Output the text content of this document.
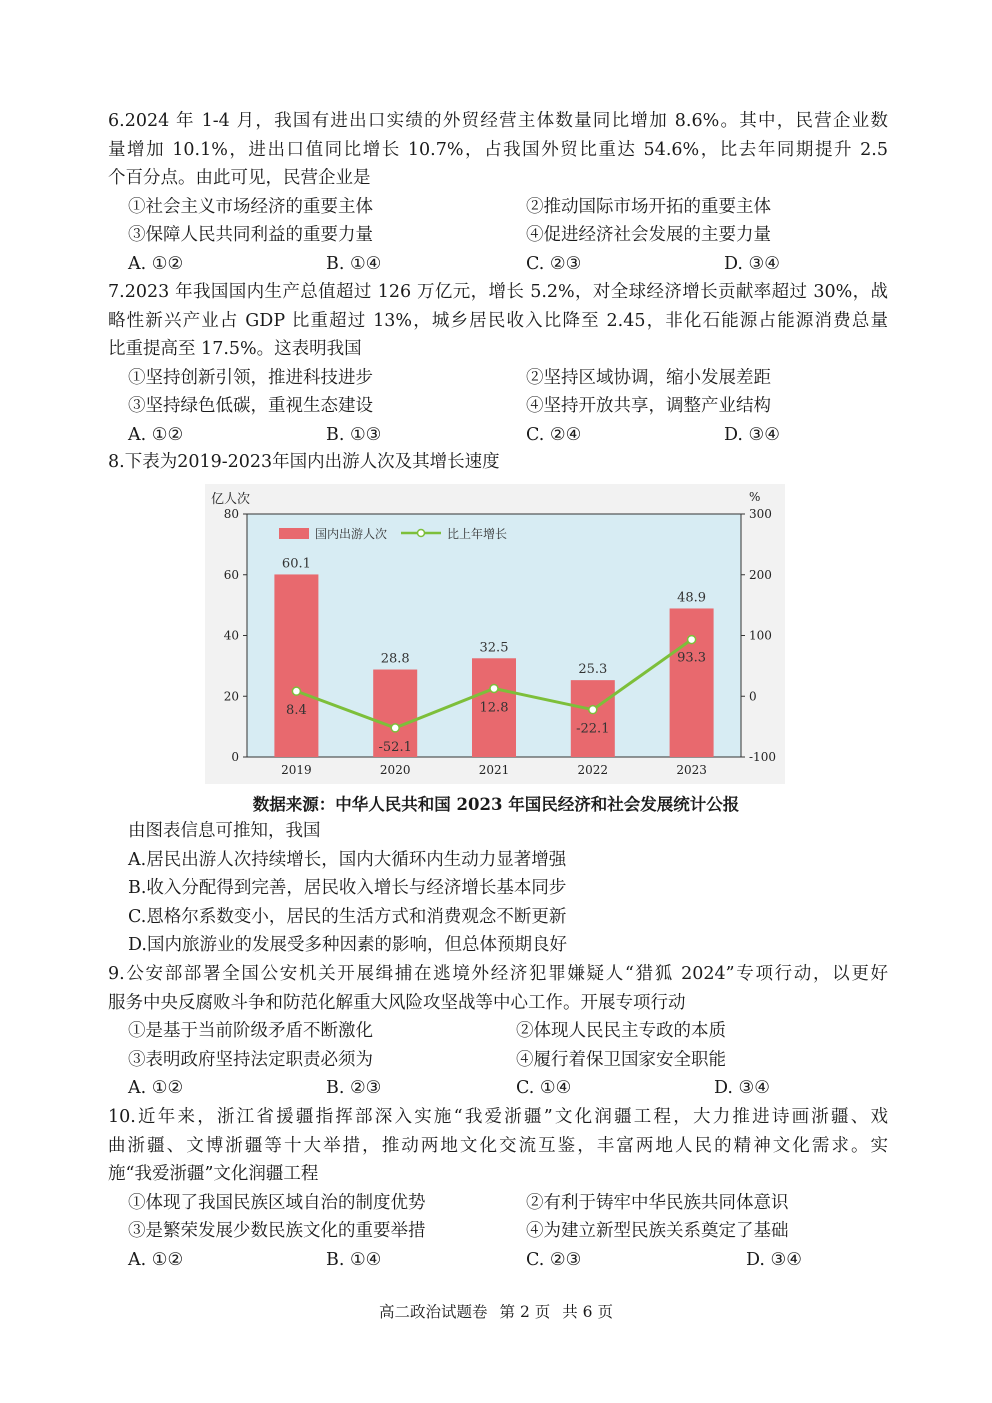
6.2024 年 1-4 月，我国有进出口实绩的外贸经营主体数量同比增加 8.6%。其中，民营企业数
量增加 10.1%，进出口值同比增长 10.7%，占我国外贸比重达 54.6%，比去年同期提升 2.5
个百分点。由此可见，民营企业是
①社会主义市场经济的重要主体	②推动国际市场开拓的重要主体
③保障人民共同利益的重要力量	④促进经济社会发展的主要力量
A. ①②	B. ①④	C. ②③	D. ③④
7.2023 年我国国内生产总值超过 126 万亿元，增长 5.2%，对全球经济增长贡献率超过 30%，战
略性新兴产业占 GDP 比重超过 13%，城乡居民收入比降至 2.45，非化石能源占能源消费总量
比重提高至 17.5%。这表明我国
①坚持创新引领，推进科技进步	②坚持区域协调，缩小发展差距
③坚持绿色低碳，重视生态建设	④坚持开放共享，调整产业结构
A. ①②	B. ①③	C. ②④	D. ③④
8.下表为2019-2023年国内出游人次及其增长速度
国内出游人次	比上年增长
60.1
28.8
32.5
25.3
48.9
8.4
-52.1
12.8
-22.1
93.3
亿人次	%
0
20
40
60
80
-100
0
100
200
300
2019	2020	2021	2022	2023
数据来源：中华人民共和国 2023 年国民经济和社会发展统计公报
由图表信息可推知，我国
A.居民出游人次持续增长，国内大循环内生动力显著增强
B.收入分配得到完善，居民收入增长与经济增长基本同步
C.恩格尔系数变小，居民的生活方式和消费观念不断更新
D.国内旅游业的发展受多种因素的影响，但总体预期良好
9.公安部部署全国公安机关开展缉捕在逃境外经济犯罪嫌疑人“猎狐 2024”专项行动，以更好
服务中央反腐败斗争和防范化解重大风险攻坚战等中心工作。开展专项行动
①是基于当前阶级矛盾不断激化	②体现人民民主专政的本质
③表明政府坚持法定职责必须为	④履行着保卫国家安全职能
A. ①②	B. ②③	C. ①④	D. ③④
10.近年来，浙江省援疆指挥部深入实施“我爱浙疆”文化润疆工程，大力推进诗画浙疆、戏
曲浙疆、文博浙疆等十大举措，推动两地文化交流互鉴，丰富两地人民的精神文化需求。实
施“我爱浙疆”文化润疆工程
①体现了我国民族区域自治的制度优势	②有利于铸牢中华民族共同体意识
③是繁荣发展少数民族文化的重要举措	④为建立新型民族关系奠定了基础
A. ①②	B. ①④	C. ②③	D. ③④
高二政治试题卷 第 2 页 共 6 页
